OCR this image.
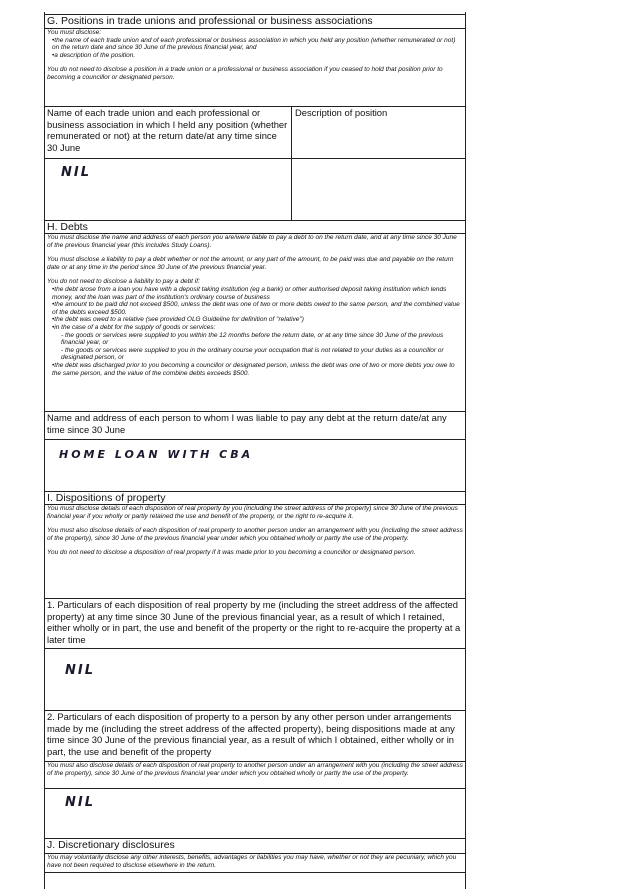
G. Positions in trade unions and professional or business associations

You must disclose:

• the name of each trade union and of each professional or business association in which you held any position (whether remunerated or not) on the return date and since 30 June of the previous financial year, and
• a description of the position.

You do not need to disclose a position in a trade union or a professional or business association if you ceased to hold that position prior to becoming a councillor or designated person.

Name of each trade union and each professional or business association in which I held any position (whether remunerated or not) at the return date/at any time since 30 June
Description of position
NIL
H. Debts

You must disclose the name and address of each person you are/were liable to pay a debt to on the return date, and at any time since 30 June of the previous financial year (this includes Study Loans).

You must disclose a liability to pay a debt whether or not the amount, or any part of the amount, to be paid was due and payable on the return date or at any time in the period since 30 June of the previous financial year.

You do not need to disclose a liability to pay a debt if:

• the debt arose from a loan you have with a deposit taking institution (eg a bank) or other authorised deposit taking institution which lends money, and the loan was part of the institution's ordinary course of business
• the amount to be paid did not exceed $500, unless the debt was one of two or more debts owed to the same person, and the combined value of the debts exceed $500.
• the debt was owed to a relative (see provided OLG Guideline for definition of "relative")
• in the case of a debt for the supply of goods or services:
- the goods or services were supplied to you within the 12 months before the return date, or at any time since 30 June of the previous financial year, or
- the goods or services were supplied to you in the ordinary course your occupation that is not related to your duties as a councillor or designated person, or
• the debt was discharged prior to you becoming a councillor or designated person, unless the debt was one of two or more debts you owe to the same person, and the value of the combine debts exceeds $500.
Name and address of each person to whom I was liable to pay any debt at the return date/at any time since 30 June
HOME LOAN WITH CBA
I. Dispositions of property

You must disclose details of each disposition of real property by you (including the street address of the property) since 30 June of the previous financial year if you wholly or partly retained the use and benefit of the property, or the right to re-acquire it.

You must also disclose details of each disposition of real property to another person under an arrangement with you (including the street address of the property), since 30 June of the previous financial year under which you obtained wholly or partly the use of the property.

You do not need to disclose a disposition of real property if it was made prior to you becoming a councillor or designated person.

1. Particulars of each disposition of real property by me (including the street address of the affected property) at any time since 30 June of the previous financial year, as a result of which I retained, either wholly or in part, the use and benefit of the property or the right to re-acquire the property at a later time
NIL
2. Particulars of each disposition of property to a person by any other person under arrangements made by me (including the street address of the affected property), being dispositions made at any time since 30 June of the previous financial year, as a result of which I obtained, either wholly or in part, the use and benefit of the property

You must also disclose details of each disposition of real property to another person under an arrangement with you (including the street address of the property), since 30 June of the previous financial year under which you obtained wholly or partly the use of the property.

NIL
J. Discretionary disclosures

You may voluntarily disclose any other interests, benefits, advantages or liabilities you may have, whether or not they are pecuniary, which you have not been required to disclose elsewhere in the return.
